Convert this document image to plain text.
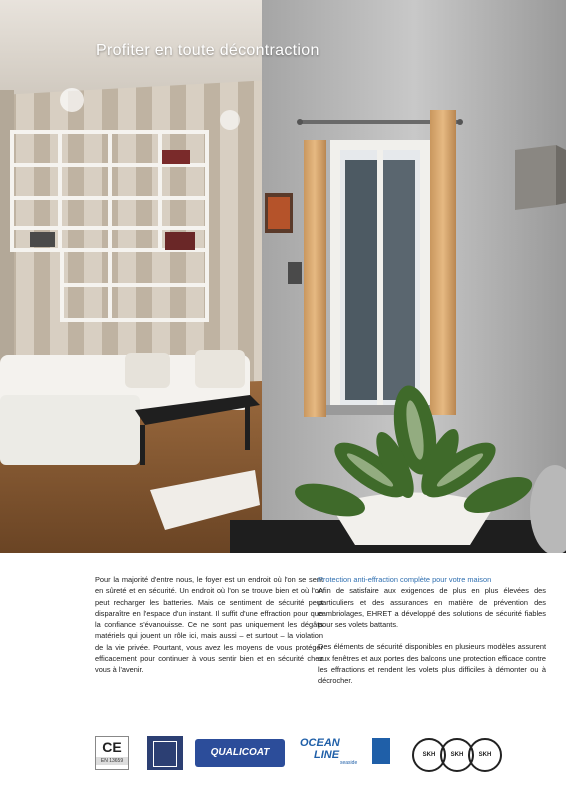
Profiter en toute décontraction

Pour la majorité d'entre nous, le foyer est un endroit où l'on se sent en sûreté et en sécurité. Un endroit où l'on se trouve bien et où l'on peut recharger les batteries. Mais ce sentiment de sécurité peut disparaître en l'espace d'un instant. Il suffit d'une effraction pour que la confiance s'évanouisse. Ce ne sont pas uniquement les dégâts matériels qui jouent un rôle ici, mais aussi – et surtout – la violation de la vie privée. Pourtant, vous avez les moyens de vous protéger efficacement pour continuer à vous sentir bien et en sécurité chez vous à l'avenir.

Protection anti-effraction complète pour votre maison
Afin de satisfaire aux exigences de plus en plus élevées des particuliers et des assurances en matière de prévention des cambriolages, EHRET a développé des solutions de sécurité fiables pour ses volets battants.

Des éléments de sécurité disponibles en plusieurs modèles assurent aux fenêtres et aux portes des balcons une protection efficace contre les effractions et rendent les volets plus difficiles à démonter ou à décrocher.

CE
EN 13659
QUALICOAT
OCEAN
LINE
seaside
SKH	SKH	SKH
